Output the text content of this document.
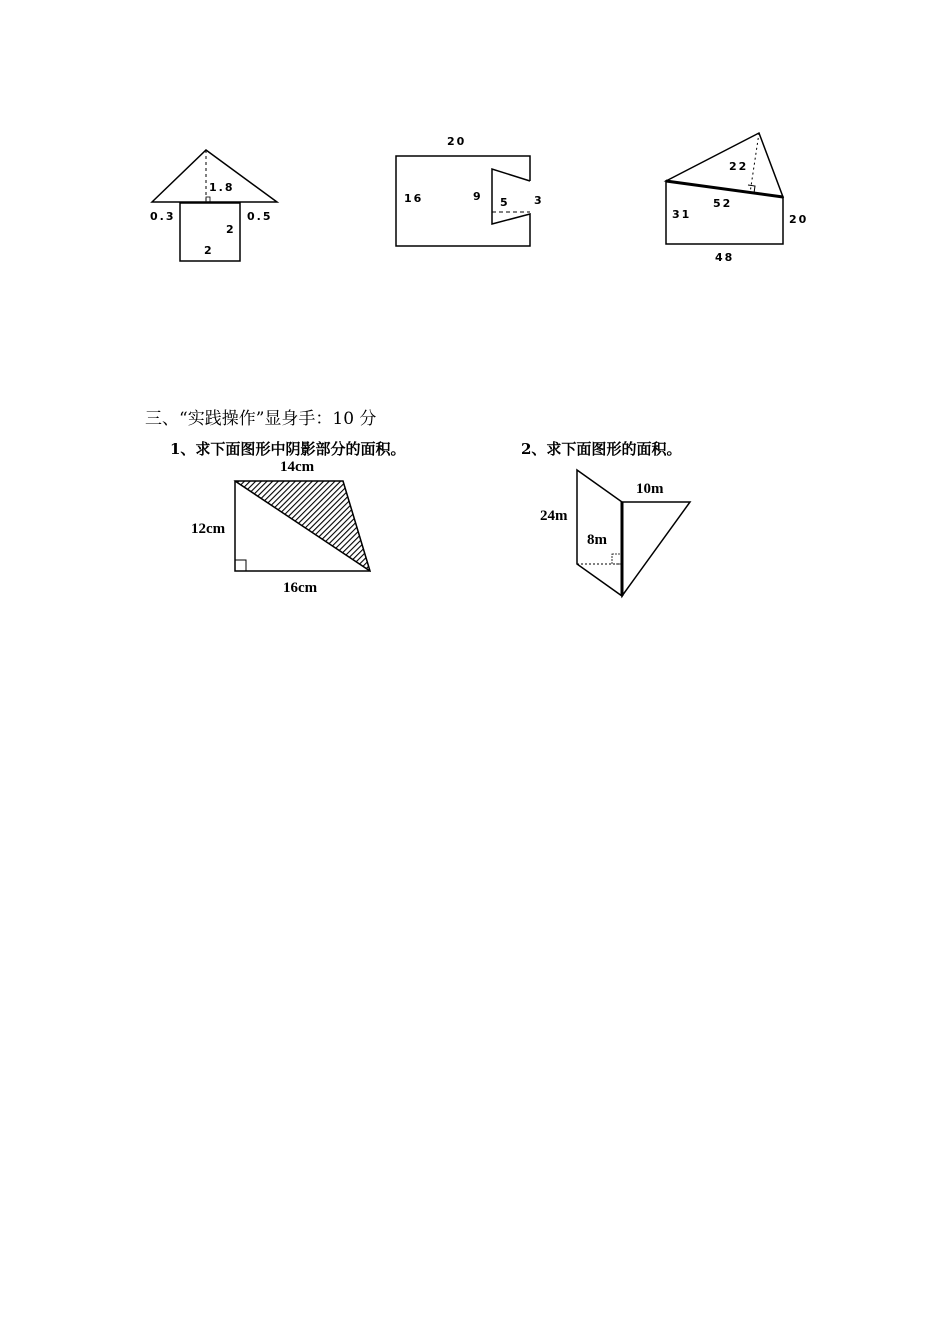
1.8
0.3	0.5
2
2
20
16	9 5 3
22
52
31	20
48
三、“实践操作”显身手：10 分
1、求下面图形中阴影部分的面积。	2、求下面图形的面积。
14cm
12cm
16cm
24m
10m
8m
